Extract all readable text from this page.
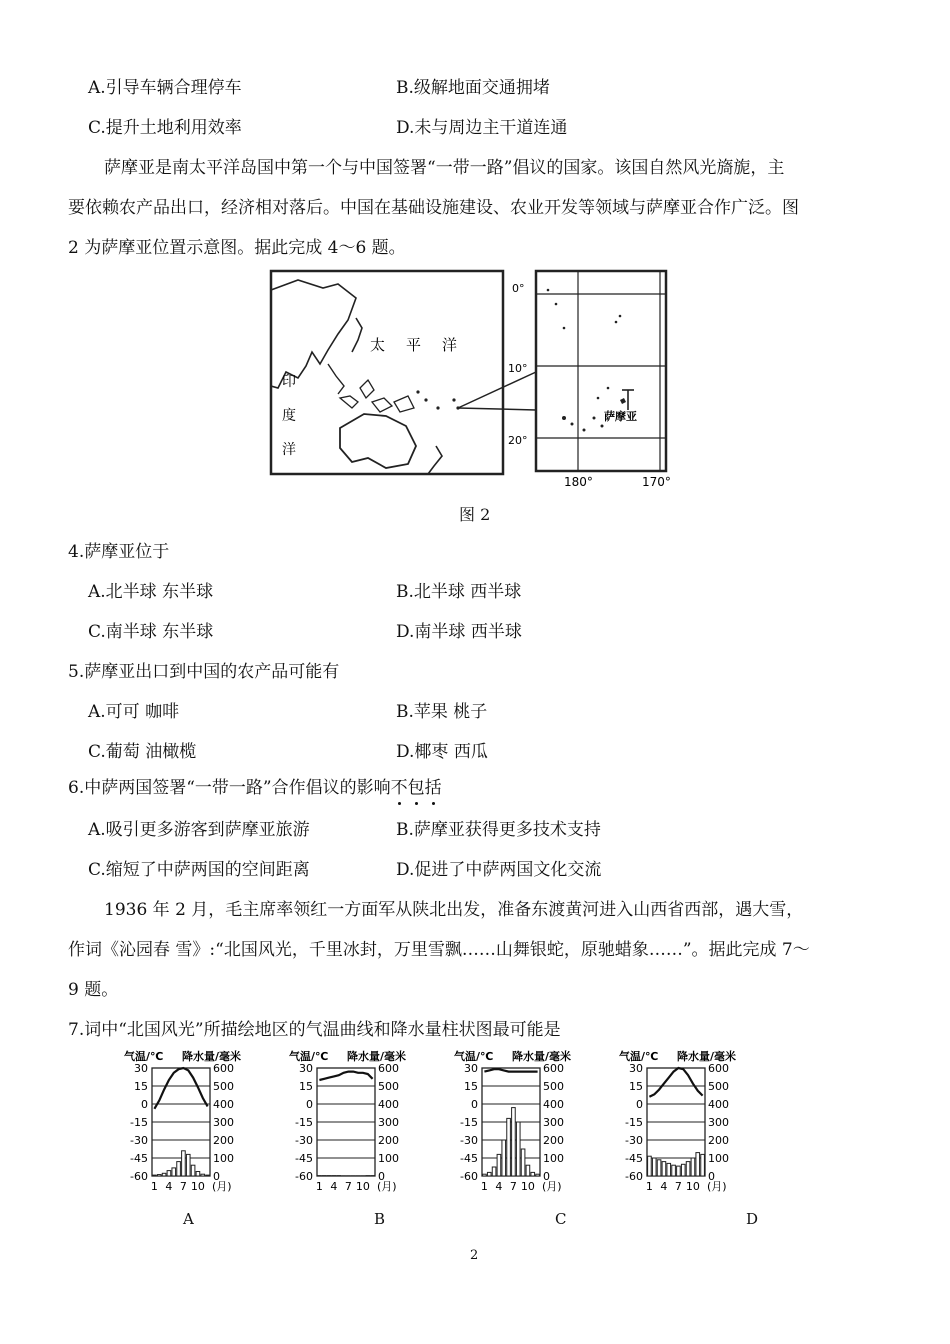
A.引导车辆合理停车	B.级解地面交通拥堵
C.提升土地利用效率	D.未与周边主干道连通
萨摩亚是南太平洋岛国中第一个与中国签署“一带一路”倡议的国家。该国自然风光旖旎，主
要依赖农产品出口，经济相对落后。中国在基础设施建设、农业开发等领域与萨摩亚合作广泛。图
2 为萨摩亚位置示意图。据此完成 4～6 题。
太 平 洋
印
度
洋
0°
10°
20°
180°	170°
萨摩亚
图 2
4.萨摩亚位于
A.北半球 东半球	B.北半球 西半球
C.南半球 东半球	D.南半球 西半球
5.萨摩亚出口到中国的农产品可能有
A.可可 咖啡	B.苹果 桃子
C.葡萄 油橄榄	D.椰枣 西瓜
6.中萨两国签署“一带一路”合作倡议的影响不包括
A.吸引更多游客到萨摩亚旅游	B.萨摩亚获得更多技术支持
C.缩短了中萨两国的空间距离	D.促进了中萨两国文化交流
1936 年 2 月，毛主席率领红一方面军从陕北出发，准备东渡黄河进入山西省西部，遇大雪，
作词《沁园春 雪》:“北国风光，千里冰封，万里雪飘……山舞银蛇，原驰蜡象……”。据此完成 7～
9 题。
7.词中“北国风光”所描绘地区的气温曲线和降水量柱状图最可能是
气温/℃ 降水量/毫米
30
15
0
-15
-30
-45
-60
600
500
400
300
200
100
0
1 4 7 10 (月)
气温/℃ 降水量/毫米
30
15
0
-15
-30
-45
-60
600
500
400
300
200
100
0
1 4 7 10 (月)
气温/℃ 降水量/毫米
30
15
0
-15
-30
-45
-60
600
500
400
300
200
100
0
1 4 7 10 (月)
气温/℃ 降水量/毫米
30
15
0
-15
-30
-45
-60
600
500
400
300
200
100
0
1 4 7 10 (月)
A	B	C	D
2
